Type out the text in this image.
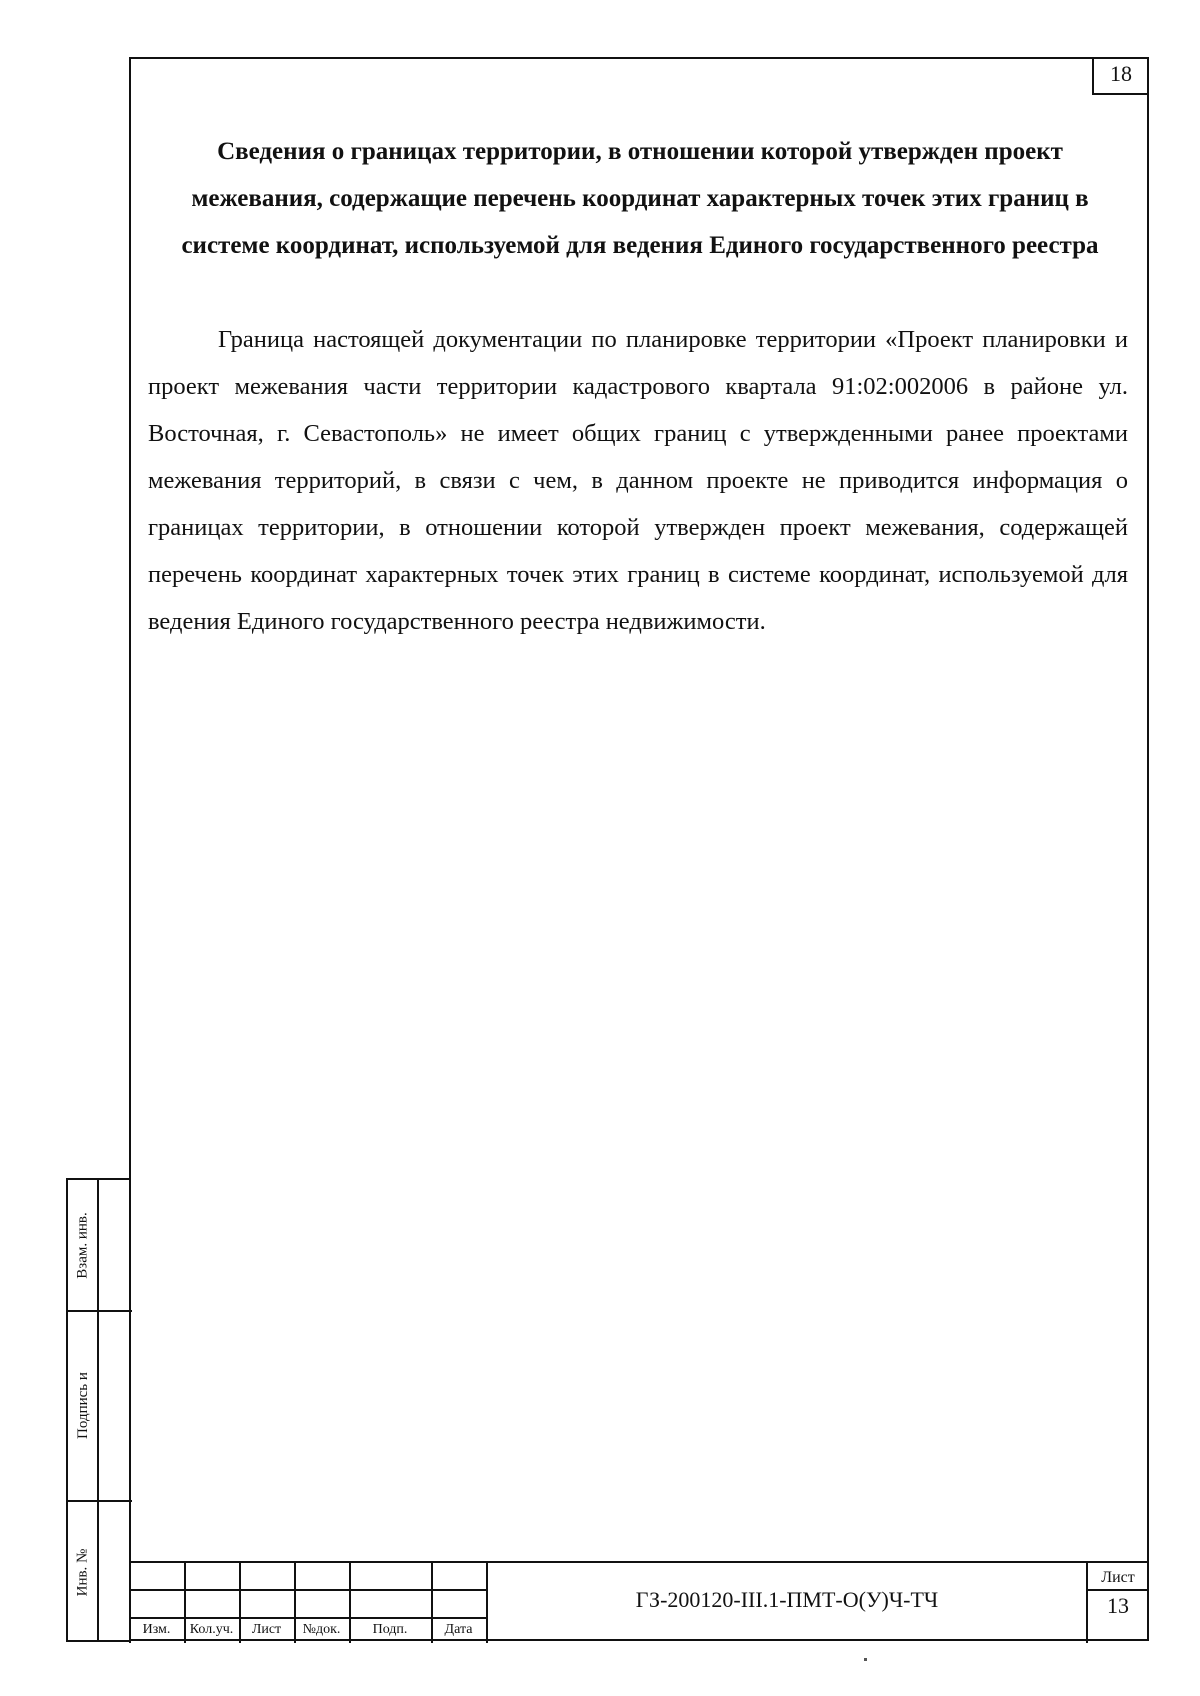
18
Сведения о границах территории, в отношении которой утвержден проект межевания, содержащие перечень координат характерных точек этих границ в системе координат, используемой для ведения Единого государственного реестра
Граница настоящей документации по планировке территории «Проект планировки и проект межевания части территории кадастрового квартала 91:02:002006 в районе ул. Восточная, г. Севастополь» не имеет общих границ с утвержденными ранее проектами межевания территорий, в связи с чем, в данном проекте не приводится информация о границах территории, в отношении которой утвержден проект межевания, содержащей перечень координат характерных точек этих границ в системе координат, используемой для ведения Единого государственного реестра недвижимости.
Взам. инв.
Подпись и
Инв. №
Изм.	Кол.уч.	Лист	№док.	Подп.	Дата
ГЗ-200120-III.1-ПМТ-О(У)Ч-ТЧ
Лист
13
